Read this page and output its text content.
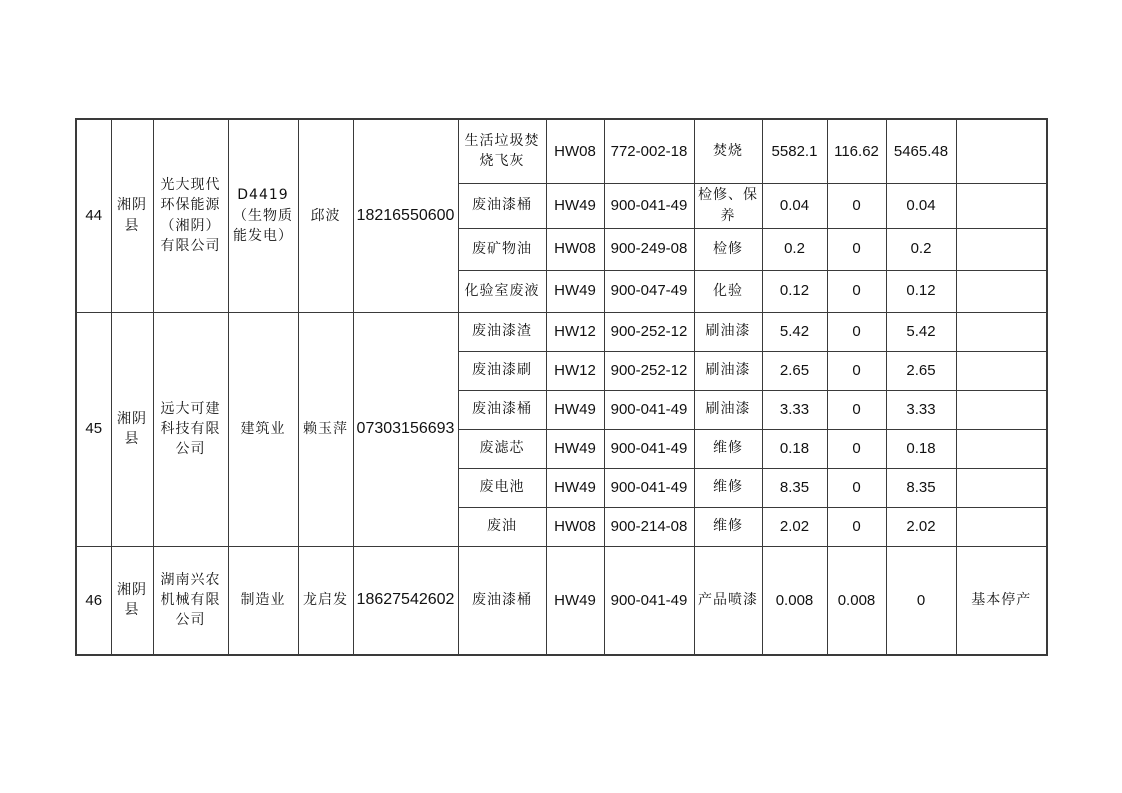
44	湘阴县	光大现代环保能源（湘阴）有限公司	D4419（生物质能发电）	邱波	18216550600	生活垃圾焚烧飞灰	HW08	772-002-18	焚烧	5582.1	116.62	5465.48	
						废油漆桶	HW49	900-041-49	检修、保养	0.04	0	0.04	
						废矿物油	HW08	900-249-08	检修	0.2	0	0.2	
						化验室废液	HW49	900-047-49	化验	0.12	0	0.12	
45	湘阴县	远大可建科技有限公司	建筑业	赖玉萍	07303156693	废油漆渣	HW12	900-252-12	刷油漆	5.42	0	5.42	
						废油漆刷	HW12	900-252-12	刷油漆	2.65	0	2.65	
						废油漆桶	HW49	900-041-49	刷油漆	3.33	0	3.33	
						废滤芯	HW49	900-041-49	维修	0.18	0	0.18	
						废电池	HW49	900-041-49	维修	8.35	0	8.35	
						废油	HW08	900-214-08	维修	2.02	0	2.02	
46	湘阴县	湖南兴农机械有限公司	制造业	龙启发	18627542602	废油漆桶	HW49	900-041-49	产品喷漆	0.008	0.008	0	基本停产
